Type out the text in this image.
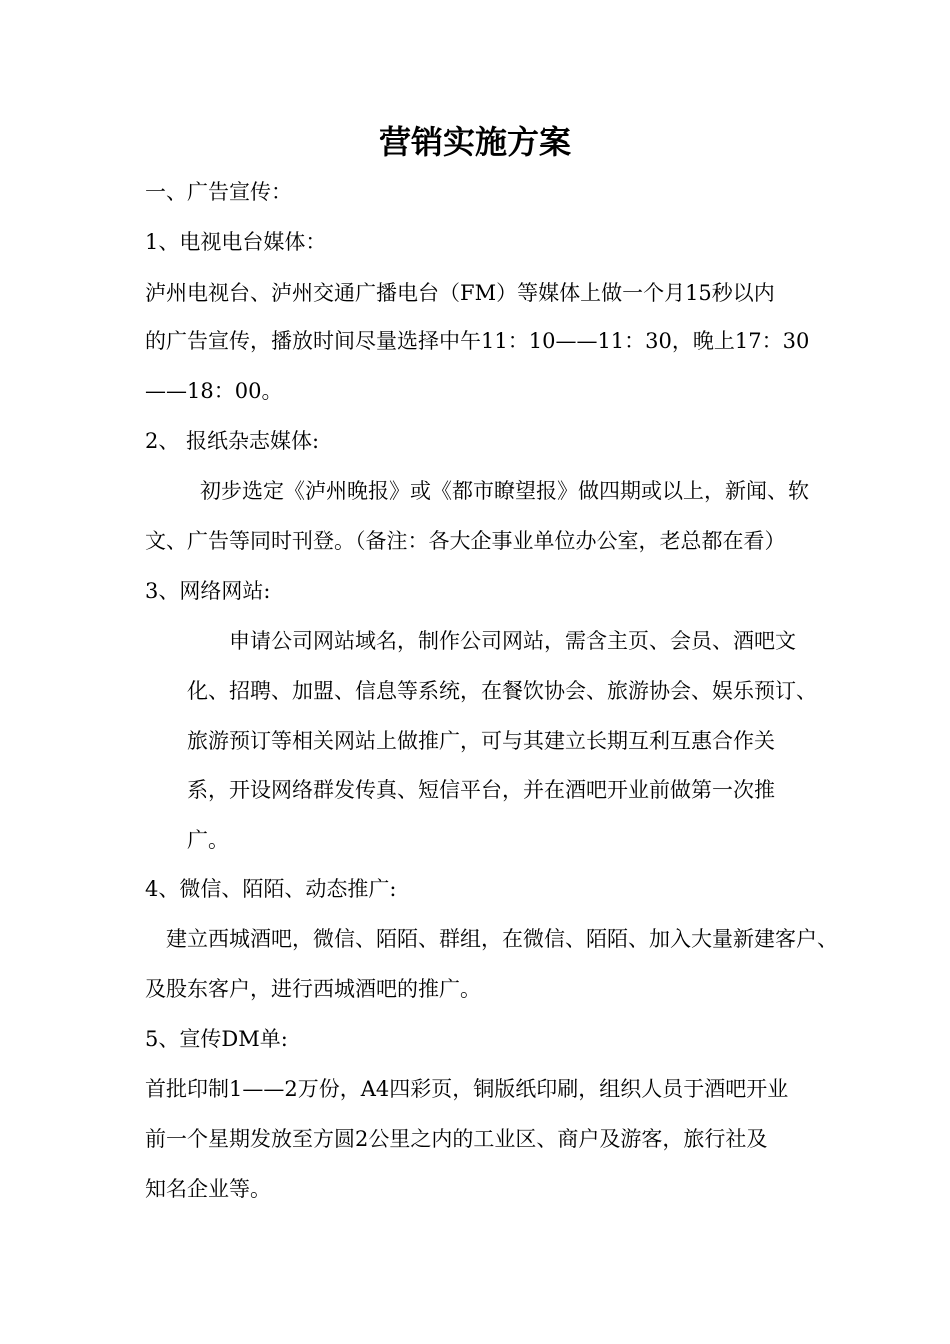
营销实施方案

一、广告宣传：

1、电视电台媒体：

泸州电视台、泸州交通广播电台（FM）等媒体上做一个月15秒以内

的广告宣传，播放时间尽量选择中午11：10——11：30，晚上17：30

——18：00。

2、 报纸杂志媒体:

初步选定《泸州晚报》或《都市瞭望报》做四期或以上，新闻、软

文、广告等同时刊登。（备注：各大企事业单位办公室，老总都在看）

3、网络网站:

申请公司网站域名，制作公司网站，需含主页、会员、酒吧文

化、招聘、加盟、信息等系统，在餐饮协会、旅游协会、娱乐预订、

旅游预订等相关网站上做推广，可与其建立长期互利互惠合作关

系，开设网络群发传真、短信平台，并在酒吧开业前做第一次推

广。

4、微信、陌陌、动态推广:

建立西城酒吧，微信、陌陌、群组，在微信、陌陌、加入大量新建客户、

及股东客户，进行西城酒吧的推广。

5、宣传DM单:

首批印制1——2万份，A4四彩页，铜版纸印刷，组织人员于酒吧开业

前一个星期发放至方圆2公里之内的工业区、商户及游客，旅行社及

知名企业等。
